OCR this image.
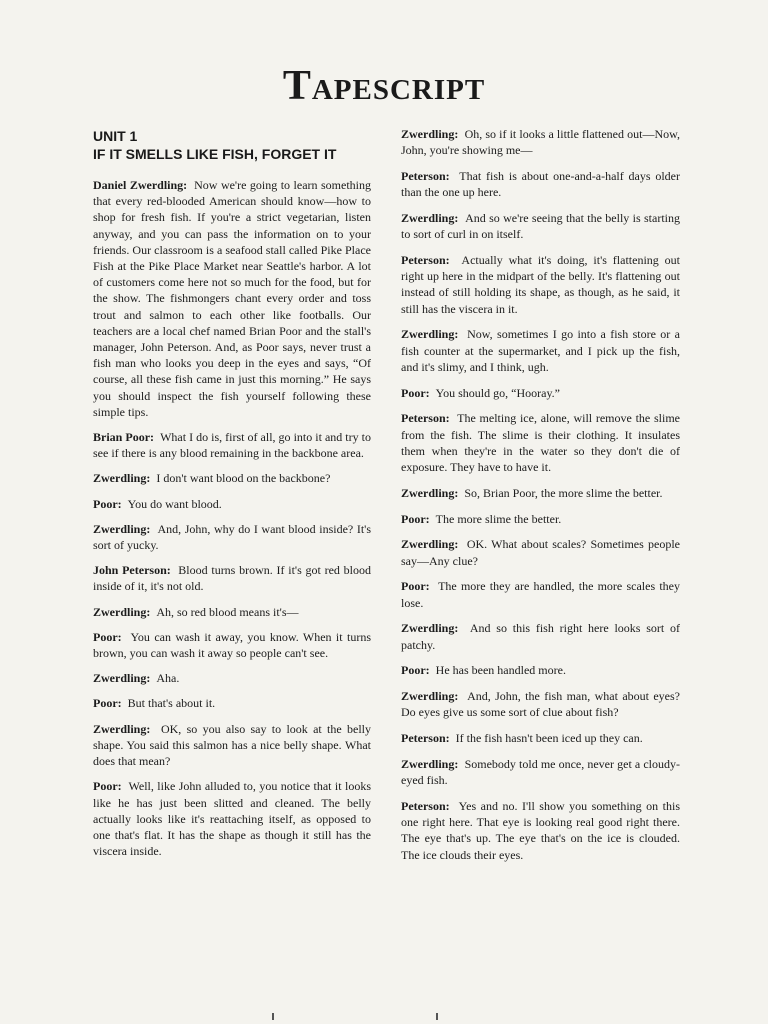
Tapescript

UNIT 1

IF IT SMELLS LIKE FISH, FORGET IT

Daniel Zwerdling: Now we're going to learn something that every red-blooded American should know—how to shop for fresh fish. If you're a strict vegetarian, listen anyway, and you can pass the information on to your friends. Our classroom is a seafood stall called Pike Place Fish at the Pike Place Market near Seattle's harbor. A lot of customers come here not so much for the food, but for the show. The fishmongers chant every order and toss trout and salmon to each other like footballs. Our teachers are a local chef named Brian Poor and the stall's manager, John Peterson. And, as Poor says, never trust a fish man who looks you deep in the eyes and says, “Of course, all these fish came in just this morning.” He says you should inspect the fish yourself following these simple tips.

Brian Poor: What I do is, first of all, go into it and try to see if there is any blood remaining in the backbone area.

Zwerdling: I don't want blood on the backbone?

Poor: You do want blood.

Zwerdling: And, John, why do I want blood inside? It's sort of yucky.

John Peterson: Blood turns brown. If it's got red blood inside of it, it's not old.

Zwerdling: Ah, so red blood means it's—

Poor: You can wash it away, you know. When it turns brown, you can wash it away so people can't see.

Zwerdling: Aha.

Poor: But that's about it.

Zwerdling: OK, so you also say to look at the belly shape. You said this salmon has a nice belly shape. What does that mean?

Poor: Well, like John alluded to, you notice that it looks like he has just been slitted and cleaned. The belly actually looks like it's reattaching itself, as opposed to one that's flat. It has the shape as though it still has the viscera inside.

Zwerdling: Oh, so if it looks a little flattened out—Now, John, you're showing me—

Peterson: That fish is about one-and-a-half days older than the one up here.

Zwerdling: And so we're seeing that the belly is starting to sort of curl in on itself.

Peterson: Actually what it's doing, it's flattening out right up here in the midpart of the belly. It's flattening out instead of still holding its shape, as though, as he said, it still has the viscera in it.

Zwerdling: Now, sometimes I go into a fish store or a fish counter at the supermarket, and I pick up the fish, and it's slimy, and I think, ugh.

Poor: You should go, “Hooray.”

Peterson: The melting ice, alone, will remove the slime from the fish. The slime is their clothing. It insulates them when they're in the water so they don't die of exposure. They have to have it.

Zwerdling: So, Brian Poor, the more slime the better.

Poor: The more slime the better.

Zwerdling: OK. What about scales? Sometimes people say—Any clue?

Poor: The more they are handled, the more scales they lose.

Zwerdling: And so this fish right here looks sort of patchy.

Poor: He has been handled more.

Zwerdling: And, John, the fish man, what about eyes? Do eyes give us some sort of clue about fish?

Peterson: If the fish hasn't been iced up they can.

Zwerdling: Somebody told me once, never get a cloudy-eyed fish.

Peterson: Yes and no. I'll show you something on this one right here. That eye is looking real good right there. The eye that's up. The eye that's on the ice is clouded. The ice clouds their eyes.
